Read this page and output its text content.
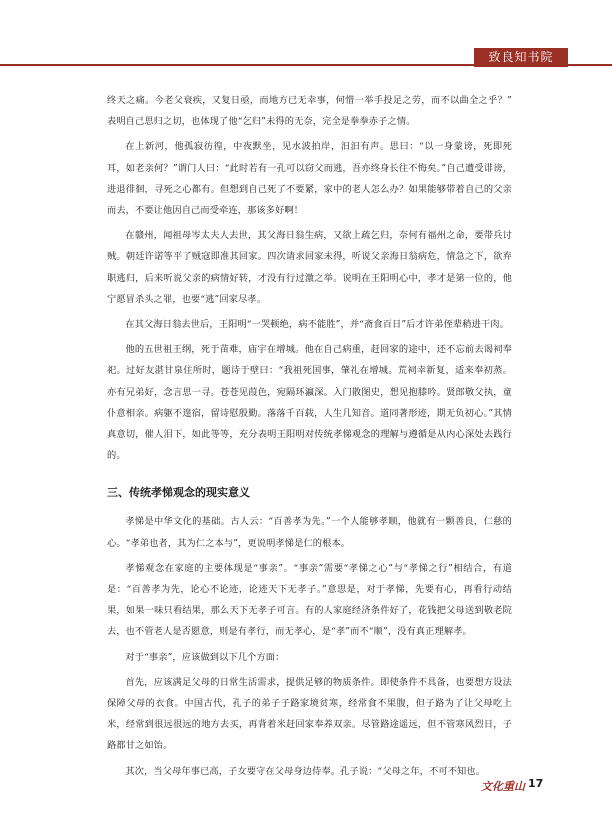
致良知书院

终天之痛。今老父衰疾，又复日亟，而地方已无幸事，何惜一举手投足之劳，而不以曲全之乎？” 表明自己思归之切，也体现了他“乞归”未得的无奈，完全是拳拳赤子之情。

在上新河，他孤寂彷徨，中夜默坐，见水波拍岸，汩汩有声。思曰：“以一身蒙谤，死即死耳，如老亲何？”谓门人曰：“此时若有一孔可以窃父而逃，吾亦终身长往不悔矣。”自己遭受诽谤，进退徘徊，寻死之心都有。但想到自己死了不要紧，家中的老人怎么办？如果能够带着自己的父亲而去，不要让他因自己而受牵连，那该多好啊！

在赣州，闻祖母岑太夫人去世，其父海日翁生病，又欲上疏乞归，奈何有福州之命，要带兵讨贼。朝廷许诺等平了贼寇即准其回家。四次请求回家未得，听说父亲海日翁病危，情急之下，欲弃职逃归，后来听说父亲的病情好转，才没有行过激之举。说明在王阳明心中，孝才是第一位的，他宁愿冒杀头之罪，也要“逃”回家尽孝。

在其父海日翁去世后，王阳明“一哭顿绝，病不能胜”，并“斋食百日”后才许弟侄辈稍进干肉。

他的五世祖王纲，死于苗难，庙宇在增城。他在自己病重，赶回家的途中，还不忘前去谒祠奉祀。过好友湛甘泉住所时，题诗于壁曰：“我祖死国事，肇礼在增城。荒祠幸新复，适来奉初蒸。亦有兄弟好，念言思一寻。苍苍见葭色，宛隔环瀛深。入门散图史，想见抱膝吟。贤郎敬父执，童仆意相亲。病躯不遑宿，留诗慰殷勤。落落千百载，人生几知音。道同著形迹，期无负初心。”其情真意切，催人泪下，如此等等，充分表明王阳明对传统孝悌观念的理解与遵循是从内心深处去践行的。

三、传统孝悌观念的现实意义

孝悌是中华文化的基础。古人云：“百善孝为先。”一个人能够孝顺，他就有一颗善良，仁慈的心。“孝弟也者，其为仁之本与”，更说明孝悌是仁的根本。

孝悌观念在家庭的主要体现是“事亲”。“事亲”需要“孝悌之心”与“孝悌之行”相结合，有道是：“百善孝为先，论心不论迹，论迹天下无孝子。”意思是，对于孝悌，先要有心，再看行动结果，如果一味只看结果，那么天下无孝子可言。有的人家庭经济条件好了，花钱把父母送到敬老院去，也不管老人是否愿意，则是有孝行，而无孝心，是“孝”而不“顺”，没有真正理解孝。

对于“事亲”，应该做到以下几个方面：

首先，应该满足父母的日常生活需求，提供足够的物质条件。即使条件不具备，也要想方设法保障父母的衣食。中国古代，孔子的弟子子路家境贫寒，经常食不果腹，但子路为了让父母吃上米，经常到很远很远的地方去买，再背着米赶回家奉养双亲。尽管路途遥远，但不管寒风烈日，子路都甘之如饴。

其次，当父母年事已高，子女要守在父母身边侍奉。孔子说：“父母之年，不可不知也。

文化重山 17
